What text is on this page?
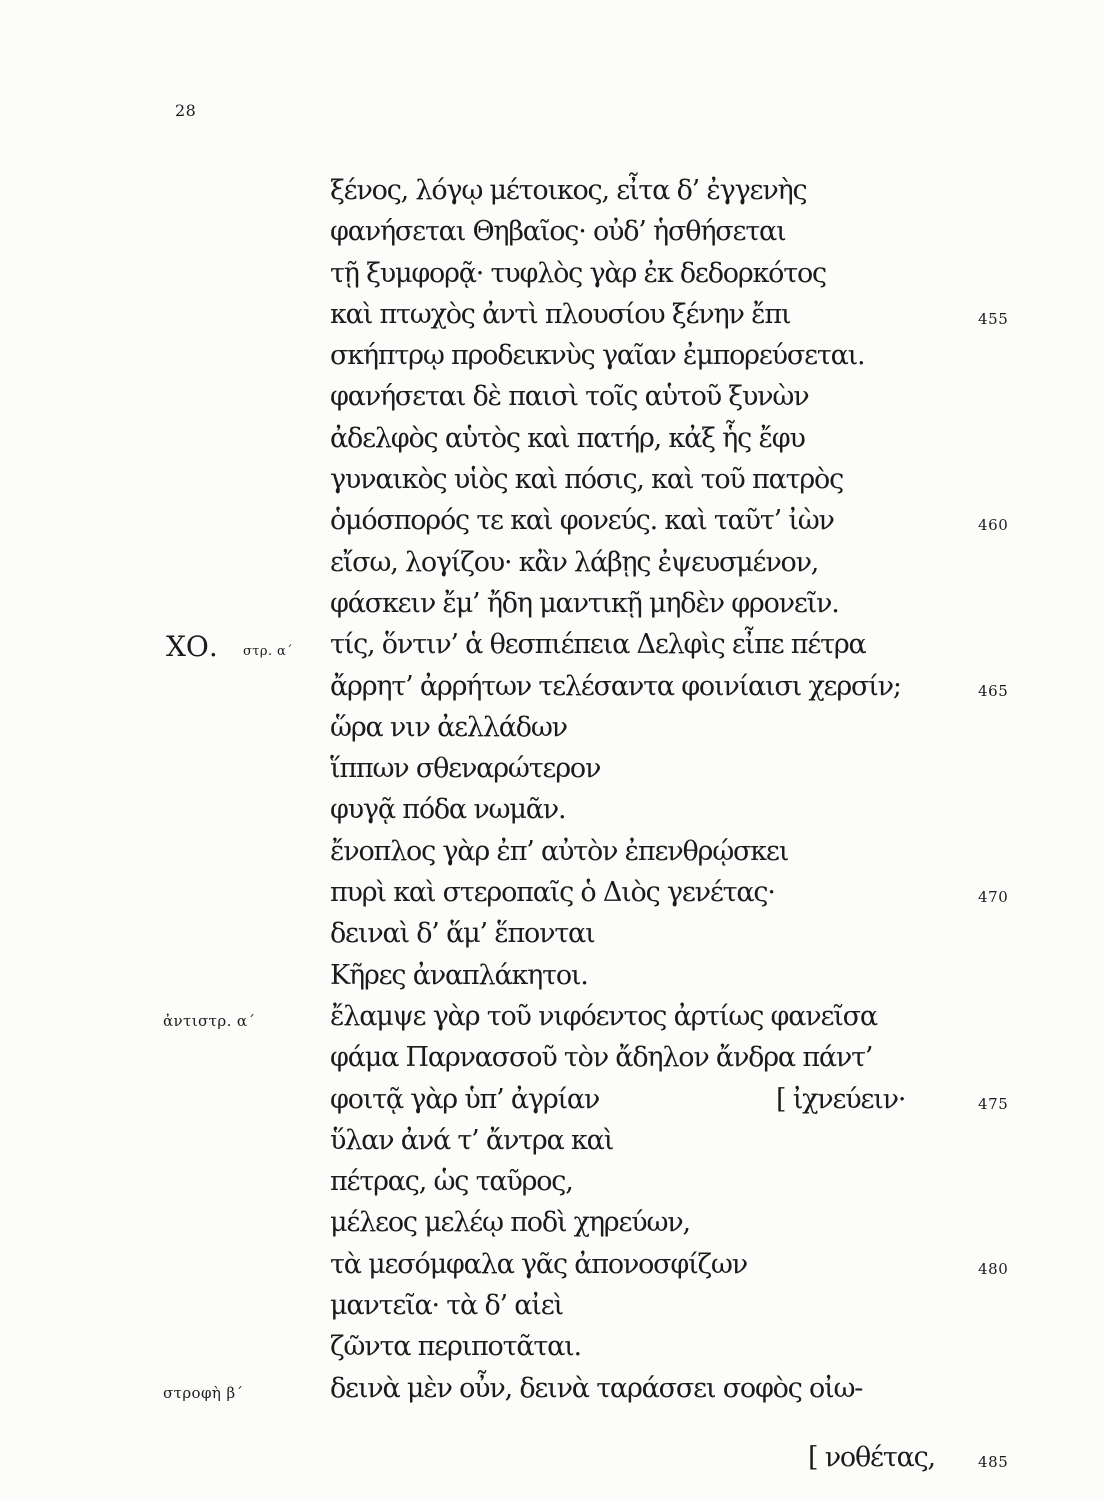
28
ξένος, λόγῳ μέτοικος, εἶτα δ’ ἐγγενὴς
φανήσεται Θηβαῖος· οὐδ’ ἡσθήσεται
τῇ ξυμφορᾷ· τυφλὸς γὰρ ἐκ δεδορκότος
καὶ πτωχὸς ἀντὶ πλουσίου ξένην ἔπι	455
σκήπτρῳ προδεικνὺς γαῖαν ἐμπορεύσεται.
φανήσεται δὲ παισὶ τοῖς αὑτοῦ ξυνὼν
ἀδελφὸς αὑτὸς καὶ πατήρ, κἀξ ἧς ἔφυ
γυναικὸς υἱὸς καὶ πόσις, καὶ τοῦ πατρὸς
ὁμόσπορός τε καὶ φονεύς. καὶ ταῦτ’ ἰὼν	460
εἴσω, λογίζου· κἂν λάβῃς ἐψευσμένον,
φάσκειν ἔμ’ ἤδη μαντικῇ μηδὲν φρονεῖν.
ΧΟ. στρ. α΄ τίς, ὅντιν’ ἁ θεσπιέπεια Δελφὶς εἶπε πέτρα
ἄρρητ’ ἀρρήτων τελέσαντα φοινίαισι χερσίν;	465
ὥρα νιν ἀελλάδων
ἵππων σθεναρώτερον
φυγᾷ πόδα νωμᾶν.
ἔνοπλος γὰρ ἐπ’ αὐτὸν ἐπενθρῴσκει
πυρὶ καὶ στεροπαῖς ὁ Διὸς γενέτας·	470
δειναὶ δ’ ἅμ’ ἕπονται
Κῆρες ἀναπλάκητοι.
ἀντιστρ. α΄	ἔλαμψε γὰρ τοῦ νιφόεντος ἀρτίως φανεῖσα
φάμα Παρνασσοῦ τὸν ἄδηλον ἄνδρα πάντ’
φοιτᾷ γὰρ ὑπ’ ἀγρίαν	[ ἰχνεύειν·	475
ὕλαν ἀνά τ’ ἄντρα καὶ
πέτρας, ὡς ταῦρος,
μέλεος μελέῳ ποδὶ χηρεύων,
τὰ μεσόμφαλα γᾶς ἀπονοσφίζων	480
μαντεῖα· τὰ δ’ αἰεὶ
ζῶντα περιποτᾶται.
στροφὴ β΄	δεινὰ μὲν οὖν, δεινὰ ταράσσει σοφὸς οἰω-
[ νοθέτας,	485
